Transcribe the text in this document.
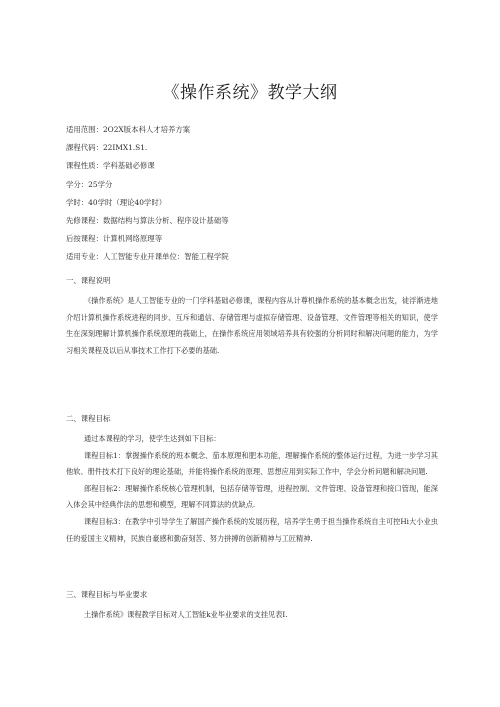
《操作系统》教学大纲
适用范围：2O2X版本科人才培养方案
課程代码：22IMX1.S1.
课程性质：学科基础必修课
学分：25学分
学时：40学时（理论40学时）
先修课程：数据结构与算法分析、程序设计基础等
后按课程：计算机网络原理等
适用专业：人工智能专业开课单位：智能工程学院
一、课程说明

《操作系统》是人工智能专业的一门学科基础必修课，课程内容从计尊机操作系统的基本概念出发，徒浮渐进地介绍计算机操作系统进程的同步、互斥和通信、存储管理与虚拟存储管理、设备管理、文件管理等相关的知识，使学生在深刻理解计算机操作系统原理的莪础上，在操作系统应用领域培养具有较强的分析同时和解决问题的能力，为学习相关课程及以后从事技术工作打下必要的基础.

二、课程目标

通过本课程的学习，使学生达到如下目标：

课程目标1：掌握操作系统的班本概念、茄本原理和肥本功能，理解操作系统的整体运行过程，为进一步学习其他软、册件技术打下良好的理论基础，并能将操作系统的原理、思想应用到实际工作中，学会分析问题和解决问题.

郎程目标2：理解操作系统核心管理机制，包括存储等管理，进程控制、文件管理、设备管理和接口管现，能深入体会其中经典作法的思想和模型，理解不同算法的优缺点.

课程目标3：在教学中引导学生了解国产操作系统的发展历程，培养学生勇于担当操作系统自主可控Hi大小业虫任的爱国主义精神，民族自豪感和勤奋刻苦、努力拼搏的创新精神与工匠精神.

三、课程目标与毕业要求

土操作系统》课程教学目标对人工智能k业毕业要求的支挂见表I.
